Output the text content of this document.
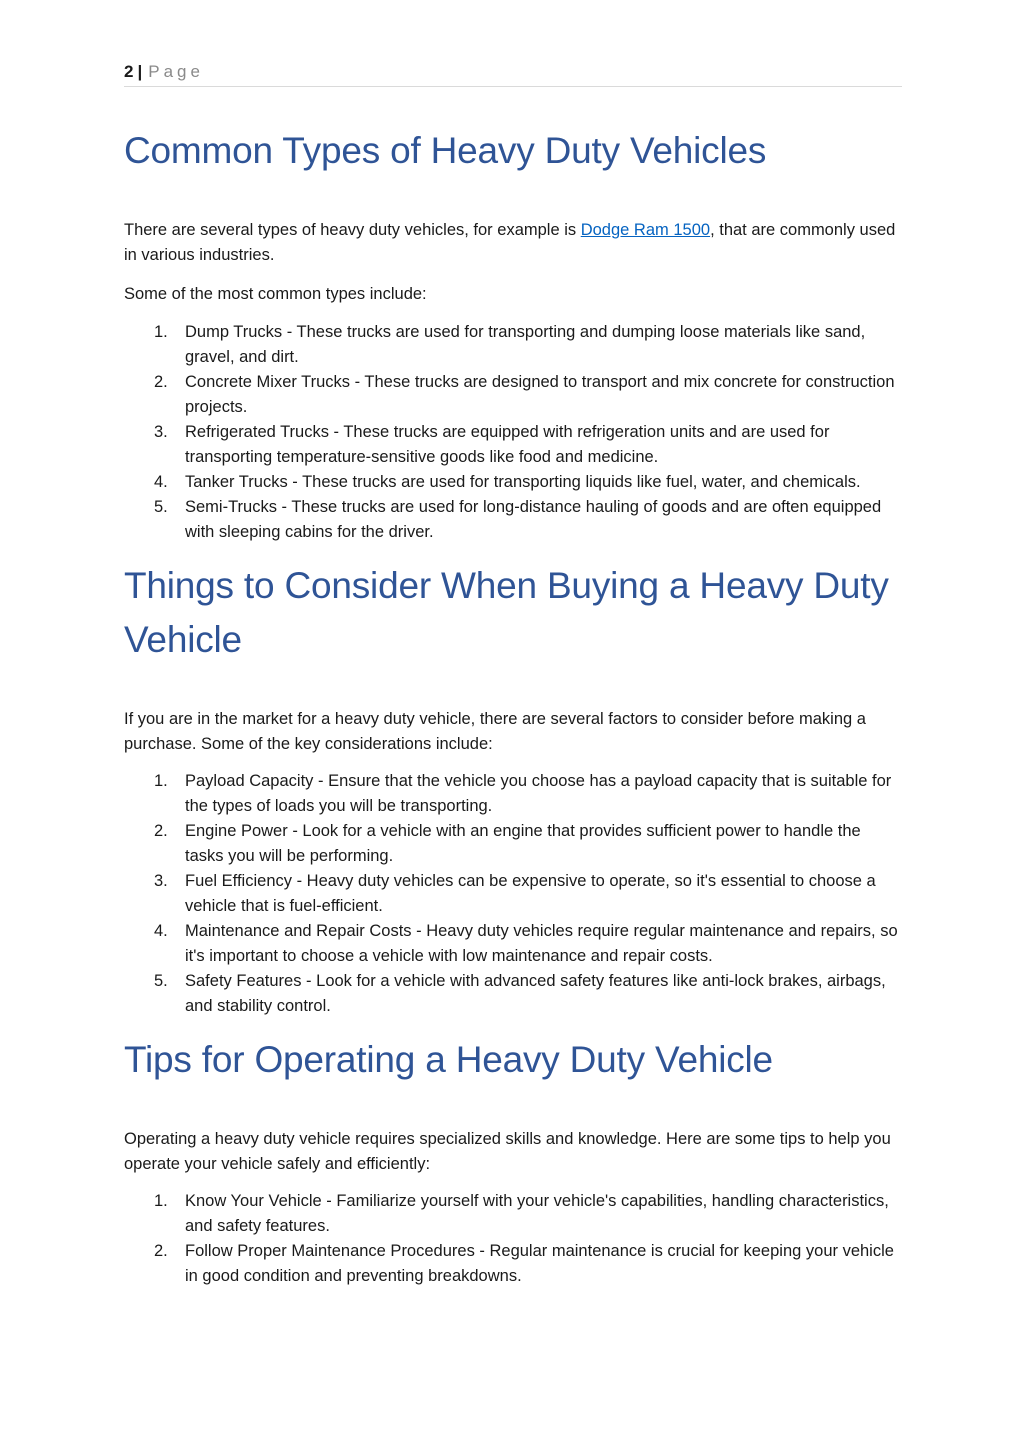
2 | Page
Common Types of Heavy Duty Vehicles

There are several types of heavy duty vehicles, for example is Dodge Ram 1500, that are commonly used in various industries.

Some of the most common types include:

1. Dump Trucks - These trucks are used for transporting and dumping loose materials like sand, gravel, and dirt.
2. Concrete Mixer Trucks - These trucks are designed to transport and mix concrete for construction projects.
3. Refrigerated Trucks - These trucks are equipped with refrigeration units and are used for transporting temperature-sensitive goods like food and medicine.
4. Tanker Trucks - These trucks are used for transporting liquids like fuel, water, and chemicals.
5. Semi-Trucks - These trucks are used for long-distance hauling of goods and are often equipped with sleeping cabins for the driver.
Things to Consider When Buying a Heavy Duty Vehicle

If you are in the market for a heavy duty vehicle, there are several factors to consider before making a purchase. Some of the key considerations include:

1. Payload Capacity - Ensure that the vehicle you choose has a payload capacity that is suitable for the types of loads you will be transporting.
2. Engine Power - Look for a vehicle with an engine that provides sufficient power to handle the tasks you will be performing.
3. Fuel Efficiency - Heavy duty vehicles can be expensive to operate, so it's essential to choose a vehicle that is fuel-efficient.
4. Maintenance and Repair Costs - Heavy duty vehicles require regular maintenance and repairs, so it's important to choose a vehicle with low maintenance and repair costs.
5. Safety Features - Look for a vehicle with advanced safety features like anti-lock brakes, airbags, and stability control.
Tips for Operating a Heavy Duty Vehicle

Operating a heavy duty vehicle requires specialized skills and knowledge. Here are some tips to help you operate your vehicle safely and efficiently:

1. Know Your Vehicle - Familiarize yourself with your vehicle's capabilities, handling characteristics, and safety features.
2. Follow Proper Maintenance Procedures - Regular maintenance is crucial for keeping your vehicle in good condition and preventing breakdowns.
